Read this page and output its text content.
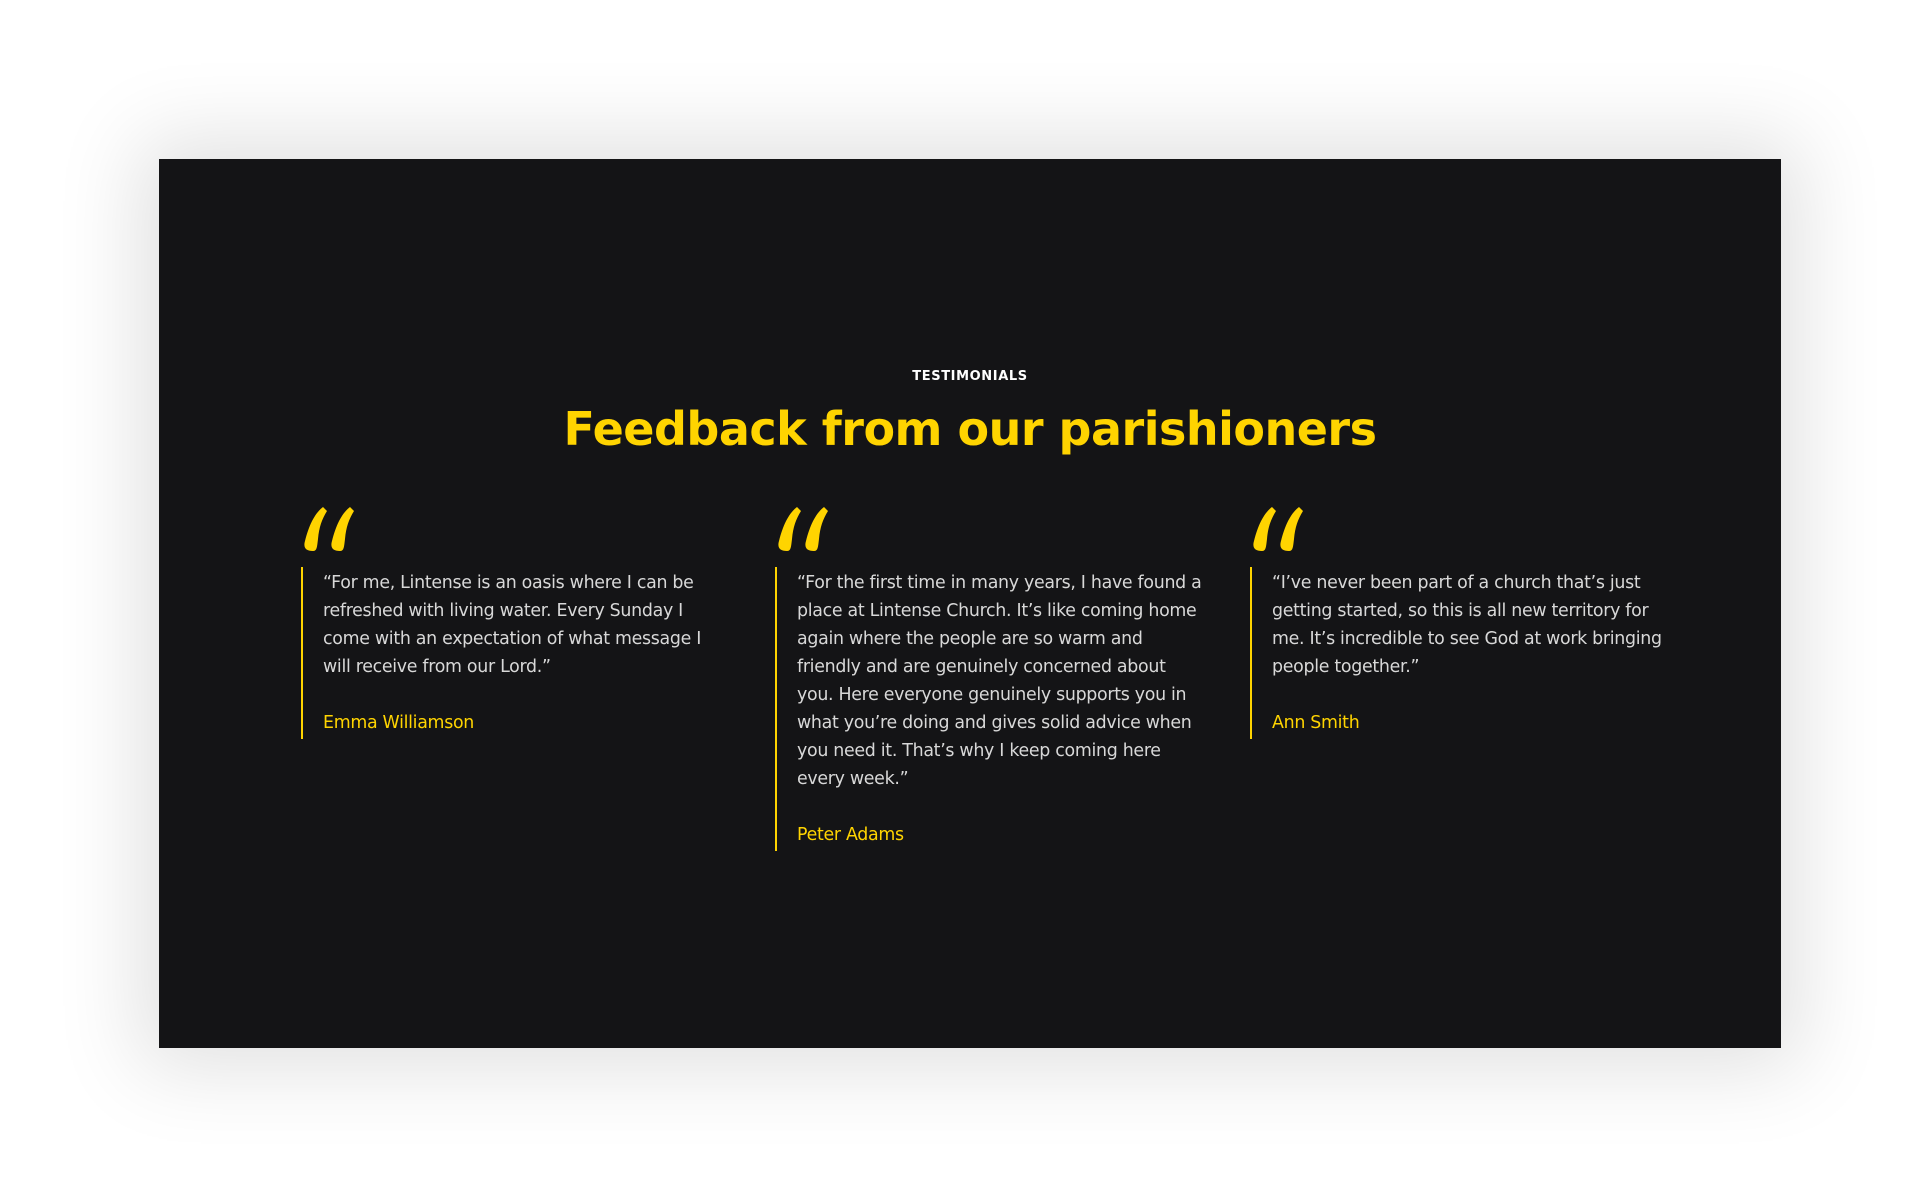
TESTIMONIALS

Feedback from our parishioners

“For me, Lintense is an oasis where I can be refreshed with living water. Every Sunday I come with an expectation of what message I will receive from our Lord.”

Emma Williamson

“For the first time in many years, I have found a place at Lintense Church. It’s like coming home again where the people are so warm and friendly and are genuinely concerned about you. Here everyone genuinely supports you in what you’re doing and gives solid advice when you need it. That’s why I keep coming here every week.”

Peter Adams

“I’ve never been part of a church that’s just getting started, so this is all new territory for me. It’s incredible to see God at work bringing people together.”

Ann Smith
